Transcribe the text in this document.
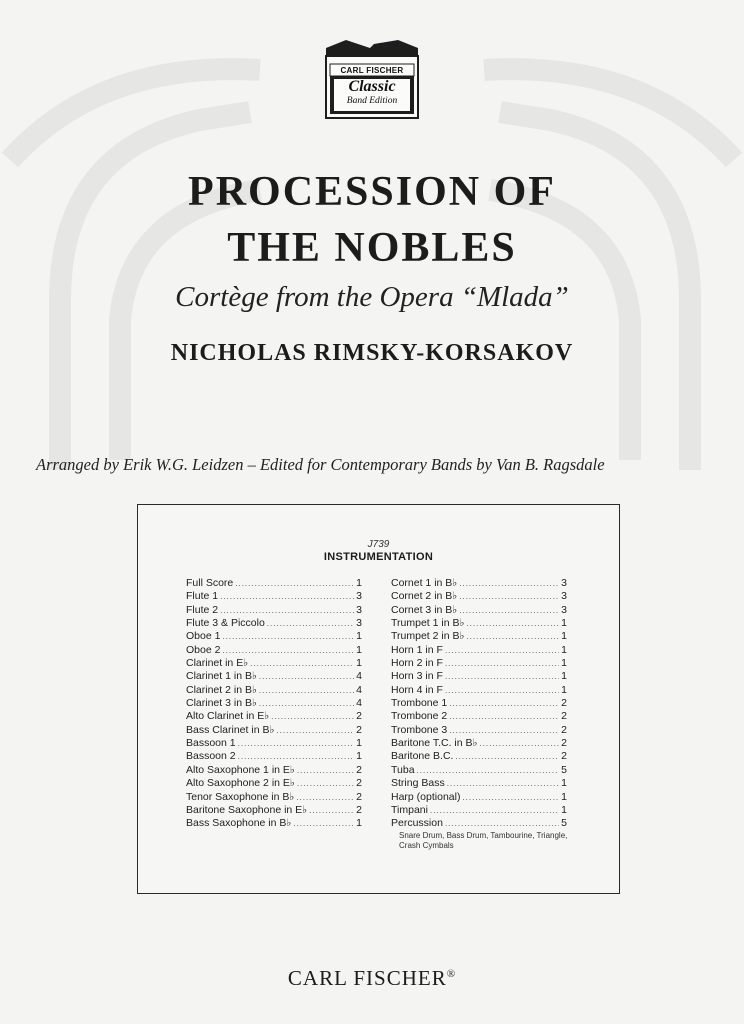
CARL FISCHER
Classic
Band Edition
PROCESSION OF
THE NOBLES
Cortège from the Opera “Mlada”
NICHOLAS RIMSKY-KORSAKOV
Arranged by Erik W.G. Leidzen – Edited for Contemporary Bands by Van B. Ragsdale
J739
INSTRUMENTATION
Full Score .....	1
Flute 1 .....	3
Flute 2 .....	3
Flute 3 & Piccolo .....	3
Oboe 1 .....	1
Oboe 2 .....	1
Clarinet in E♭ .....	1
Clarinet 1 in B♭ .....	4
Clarinet 2 in B♭ .....	4
Clarinet 3 in B♭ .....	4
Alto Clarinet in E♭ .....	2
Bass Clarinet in B♭ .....	2
Bassoon 1 .....	1
Bassoon 2 .....	1
Alto Saxophone 1 in E♭ .....	2
Alto Saxophone 2 in E♭ .....	2
Tenor Saxophone in B♭ .....	2
Baritone Saxophone in E♭ .....	2
Bass Saxophone in B♭ .....	1
Cornet 1 in B♭ .....	3
Cornet 2 in B♭ .....	3
Cornet 3 in B♭ .....	3
Trumpet 1 in B♭ .....	1
Trumpet 2 in B♭ .....	1
Horn 1 in F .....	1
Horn 2 in F .....	1
Horn 3 in F .....	1
Horn 4 in F .....	1
Trombone 1 .....	2
Trombone 2 .....	2
Trombone 3 .....	2
Baritone T.C. in B♭ .....	2
Baritone B.C. .....	2
Tuba .....	5
String Bass .....	1
Harp (optional) .....	1
Timpani .....	1
Percussion .....	5
Snare Drum, Bass Drum, Tambourine, Triangle, Crash Cymbals
CARL FISCHER®
